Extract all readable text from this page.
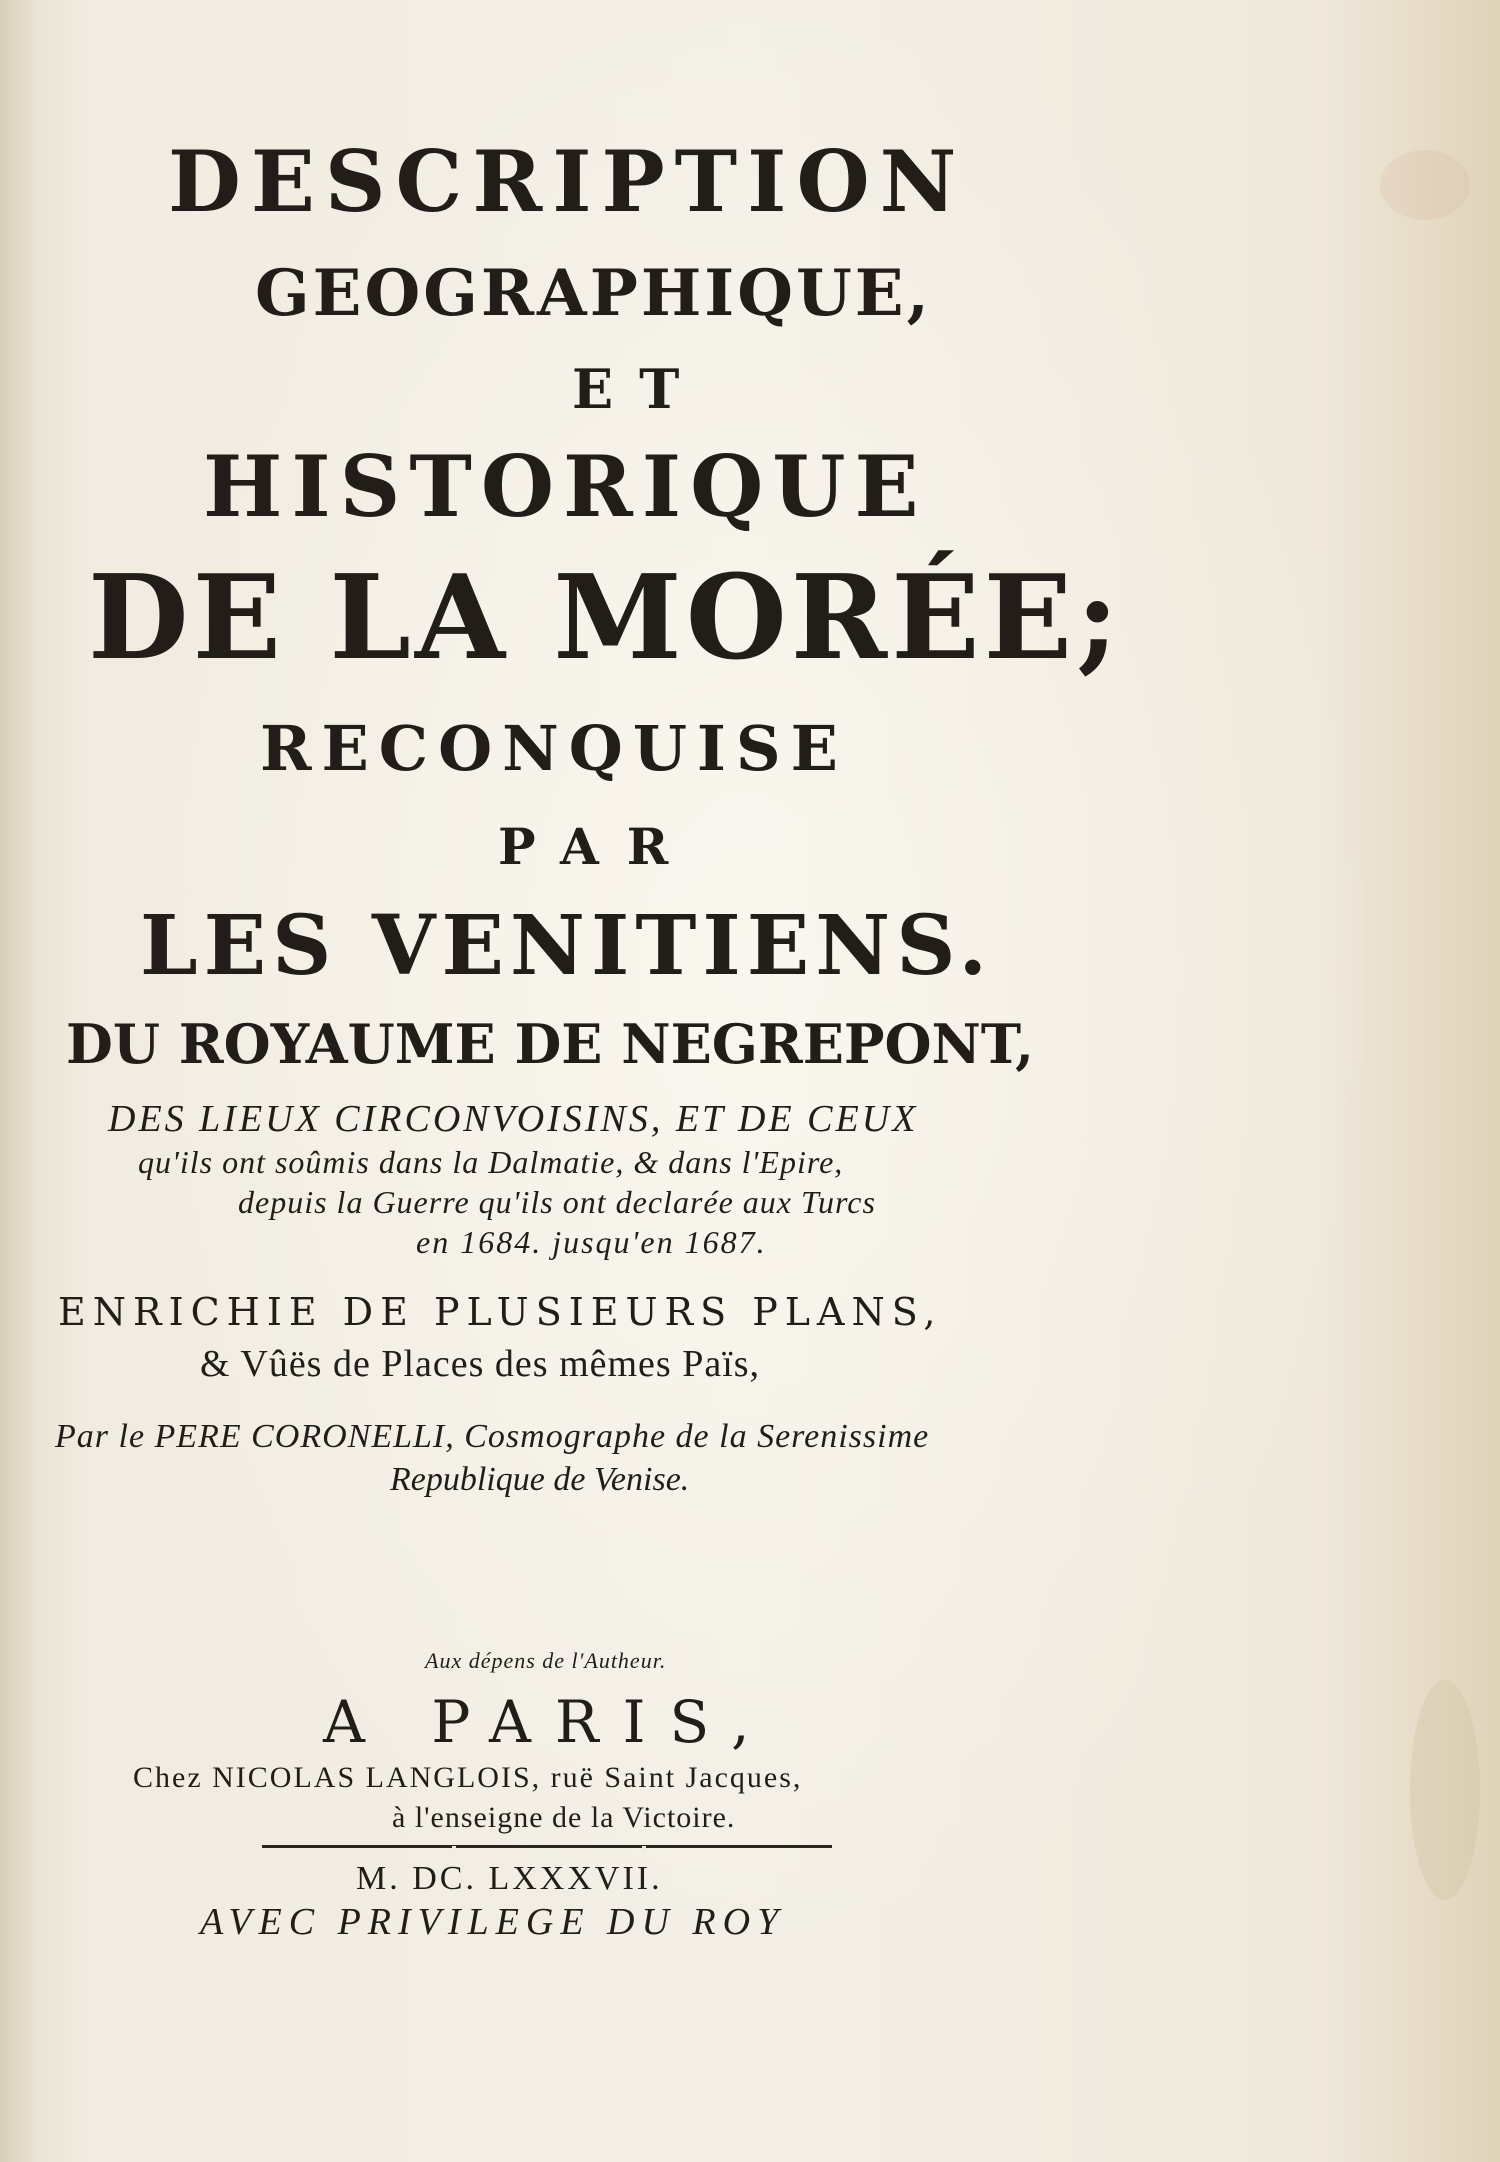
DESCRIPTION
GEOGRAPHIQUE,
ET
HISTORIQUE
DE LA MORÉE;
RECONQUISE
PAR
LES VENITIENS.
DU ROYAUME DE NEGREPONT,
DES LIEUX CIRCONVOISINS, ET DE CEUX
qu'ils ont soûmis dans la Dalmatie, & dans l'Epire,
depuis la Guerre qu'ils ont declarée aux Turcs
en 1684. jusqu'en 1687.
ENRICHIE DE PLUSIEURS PLANS,
& Vûës de Places des mêmes Païs,
Par le PERE CORONELLI, Cosmographe de la Serenissime
Republique de Venise.
Aux dépens de l'Autheur.
A PARIS,
Chez NICOLAS LANGLOIS, ruë Saint Jacques,
à l'enseigne de la Victoire.
M. DC. LXXXVII.
AVEC PRIVILEGE DU ROY
